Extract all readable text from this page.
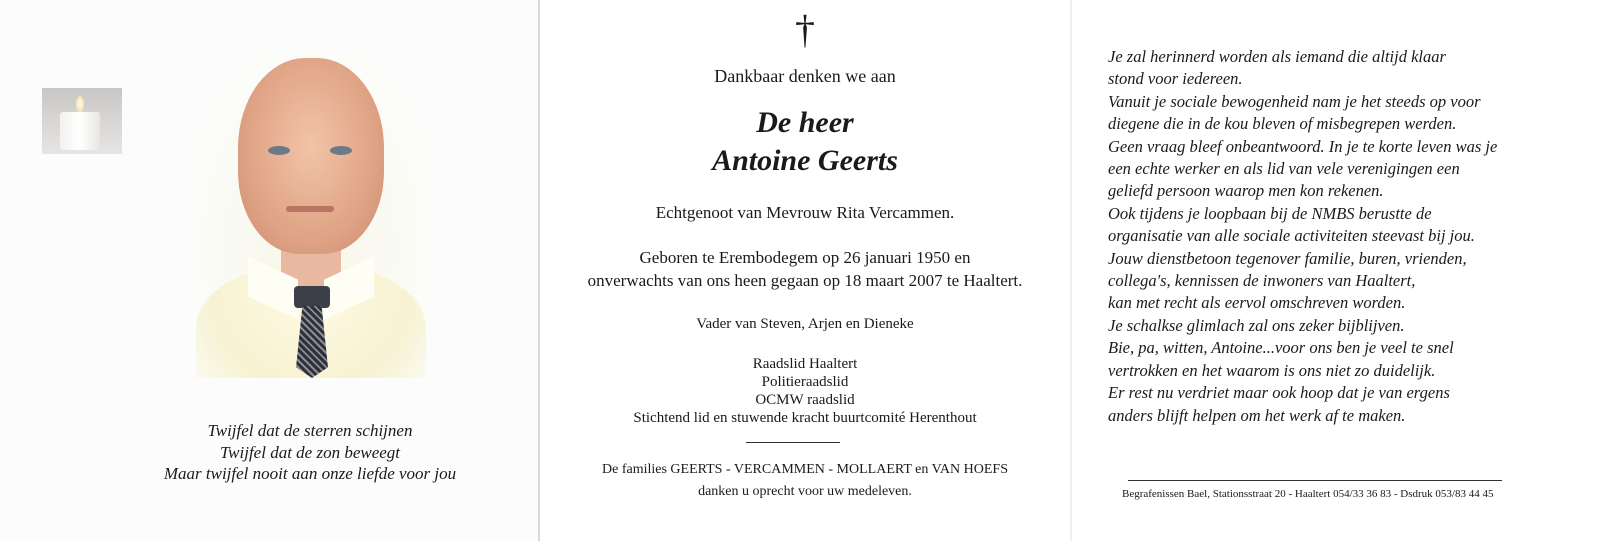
Twijfel dat de sterren schijnen
Twijfel dat de zon beweegt
Maar twijfel nooit aan onze liefde voor jou
†
Dankbaar denken we aan
De heer
Antoine Geerts
Echtgenoot van Mevrouw Rita Vercammen.
Geboren te Erembodegem op 26 januari 1950 en
onverwachts van ons heen gegaan op 18 maart 2007 te Haaltert.
Vader van Steven, Arjen en Dieneke
Raadslid Haaltert
Politieraadslid
OCMW raadslid
Stichtend lid en stuwende kracht buurtcomité Herenthout
De families GEERTS - VERCAMMEN - MOLLAERT en VAN HOEFS
danken u oprecht voor uw medeleven.
Je zal herinnerd worden als iemand die altijd klaar
stond voor iedereen.
Vanuit je sociale bewogenheid nam je het steeds op voor
diegene die in de kou bleven of misbegrepen werden.
Geen vraag bleef onbeantwoord. In je te korte leven was je
een echte werker en als lid van vele verenigingen een
geliefd persoon waarop men kon rekenen.
Ook tijdens je loopbaan bij de NMBS berustte de
organisatie van alle sociale activiteiten steevast bij jou.
Jouw dienstbetoon tegenover familie, buren, vrienden,
collega's, kennissen de inwoners van Haaltert,
kan met recht als eervol omschreven worden.
Je schalkse glimlach zal ons zeker bijblijven.
Bie, pa, witten, Antoine...voor ons ben je veel te snel
vertrokken en het waarom is ons niet zo duidelijk.
Er rest nu verdriet maar ook hoop dat je van ergens
anders blijft helpen om het werk af te maken.
Begrafenissen Bael, Stationsstraat 20 - Haaltert 054/33 36 83 - Dsdruk 053/83 44 45
